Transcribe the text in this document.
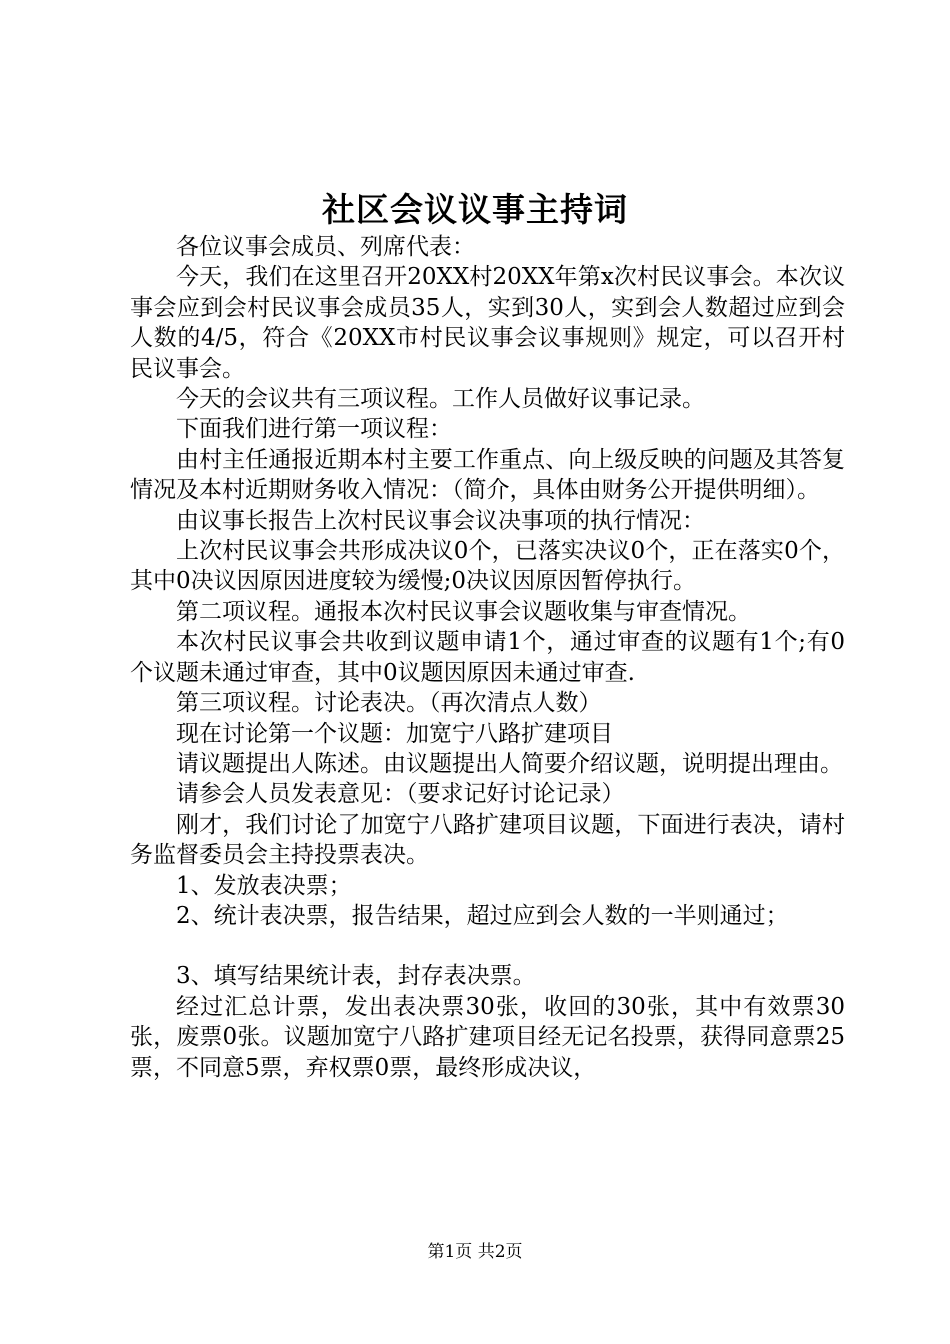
社区会议议事主持词

各位议事会成员、列席代表：

今天，我们在这里召开20XX村20XX年第x次村民议事会。本次议事会应到会村民议事会成员35人，实到30人，实到会人数超过应到会人数的4/5，符合《20XX市村民议事会议事规则》规定，可以召开村民议事会。

今天的会议共有三项议程。工作人员做好议事记录。

下面我们进行第一项议程：

由村主任通报近期本村主要工作重点、向上级反映的问题及其答复情况及本村近期财务收入情况：（简介，具体由财务公开提供明细）。

由议事长报告上次村民议事会议决事项的执行情况：

上次村民议事会共形成决议0个，已落实决议0个，正在落实0个，其中0决议因原因进度较为缓慢;0决议因原因暂停执行。

第二项议程。通报本次村民议事会议题收集与审查情况。

本次村民议事会共收到议题申请1个，通过审查的议题有1个;有0个议题未通过审查，其中0议题因原因未通过审查.

第三项议程。讨论表决。（再次清点人数）

现在讨论第一个议题：加宽宁八路扩建项目

请议题提出人陈述。由议题提出人简要介绍议题，说明提出理由。

请参会人员发表意见：（要求记好讨论记录）

刚才，我们讨论了加宽宁八路扩建项目议题，下面进行表决，请村务监督委员会主持投票表决。

1、发放表决票；

2、统计表决票，报告结果，超过应到会人数的一半则通过；

3、填写结果统计表，封存表决票。

经过汇总计票，发出表决票30张，收回的30张，其中有效票30张，废票0张。议题加宽宁八路扩建项目经无记名投票，获得同意票25票，不同意5票，弃权票0票，最终形成决议，

第1页 共2页
